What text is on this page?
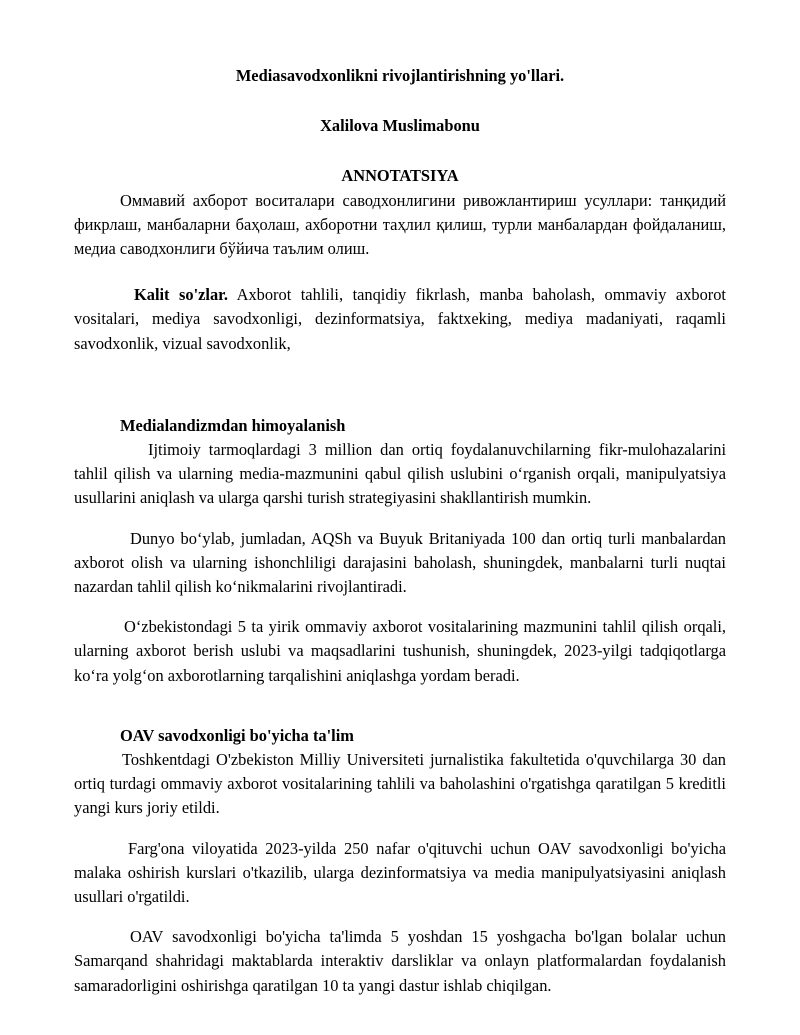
Mediasavodxonlikni rivojlantirishning yo'llari.
Xalilova Muslimabonu
ANNOTATSIYA

Оммавий ахборот воситалари саводхонлигини ривожлантириш усуллари: танқидий фикрлаш, манбаларни баҳолаш, ахборотни таҳлил қилиш, турли манбалардан фойдаланиш, медиа саводхонлиги бўйича таълим олиш.

Kalit so'zlar. Axborot tahlili, tanqidiy fikrlash, manba baholash, ommaviy axborot vositalari, mediya savodxonligi, dezinformatsiya, faktxeking, mediya madaniyati, raqamli savodxonlik, vizual savodxonlik,

Medialandizmdan himoyalanish

Ijtimoiy tarmoqlardagi 3 million dan ortiq foydalanuvchilarning fikr-mulohazalarini tahlil qilish va ularning media-mazmunini qabul qilish uslubini oʻrganish orqali, manipulyatsiya usullarini aniqlash va ularga qarshi turish strategiyasini shakllantirish mumkin.

Dunyo boʻylab, jumladan, AQSh va Buyuk Britaniyada 100 dan ortiq turli manbalardan axborot olish va ularning ishonchliligi darajasini baholash, shuningdek, manbalarni turli nuqtai nazardan tahlil qilish koʻnikmalarini rivojlantiradi.

Oʻzbekistondagi 5 ta yirik ommaviy axborot vositalarining mazmunini tahlil qilish orqali, ularning axborot berish uslubi va maqsadlarini tushunish, shuningdek, 2023-yilgi tadqiqotlarga koʻra yolgʻon axborotlarning tarqalishini aniqlashga yordam beradi.

OAV savodxonligi bo'yicha ta'lim

Toshkentdagi O'zbekiston Milliy Universiteti jurnalistika fakultetida o'quvchilarga 30 dan ortiq turdagi ommaviy axborot vositalarining tahlili va baholashini o'rgatishga qaratilgan 5 kreditli yangi kurs joriy etildi.

Farg'ona viloyatida 2023-yilda 250 nafar o'qituvchi uchun OAV savodxonligi bo'yicha malaka oshirish kurslari o'tkazilib, ularga dezinformatsiya va media manipulyatsiyasini aniqlash usullari o'rgatildi.

OAV savodxonligi bo'yicha ta'limda 5 yoshdan 15 yoshgacha bo'lgan bolalar uchun Samarqand shahridagi maktablarda interaktiv darsliklar va onlayn platformalardan foydalanish samaradorligini oshirishga qaratilgan 10 ta yangi dastur ishlab chiqilgan.
